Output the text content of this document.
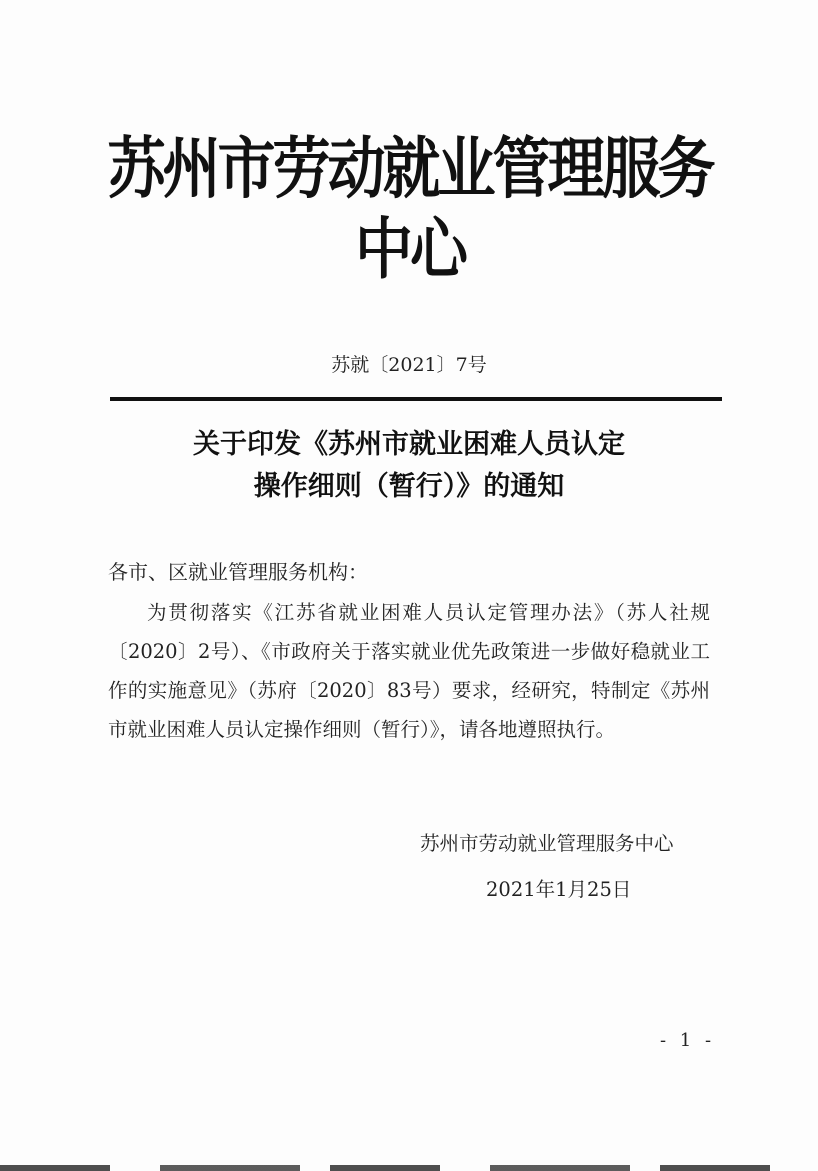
苏州市劳动就业管理服务中心
苏就〔2021〕7号
关于印发《苏州市就业困难人员认定
操作细则（暂行）》的通知
各市、区就业管理服务机构：
为贯彻落实《江苏省就业困难人员认定管理办法》（苏人社规〔2020〕2号）、《市政府关于落实就业优先政策进一步做好稳就业工作的实施意见》（苏府〔2020〕83号）要求，经研究，特制定《苏州市就业困难人员认定操作细则（暂行）》，请各地遵照执行。
苏州市劳动就业管理服务中心
2021年1月25日
- 1 -
